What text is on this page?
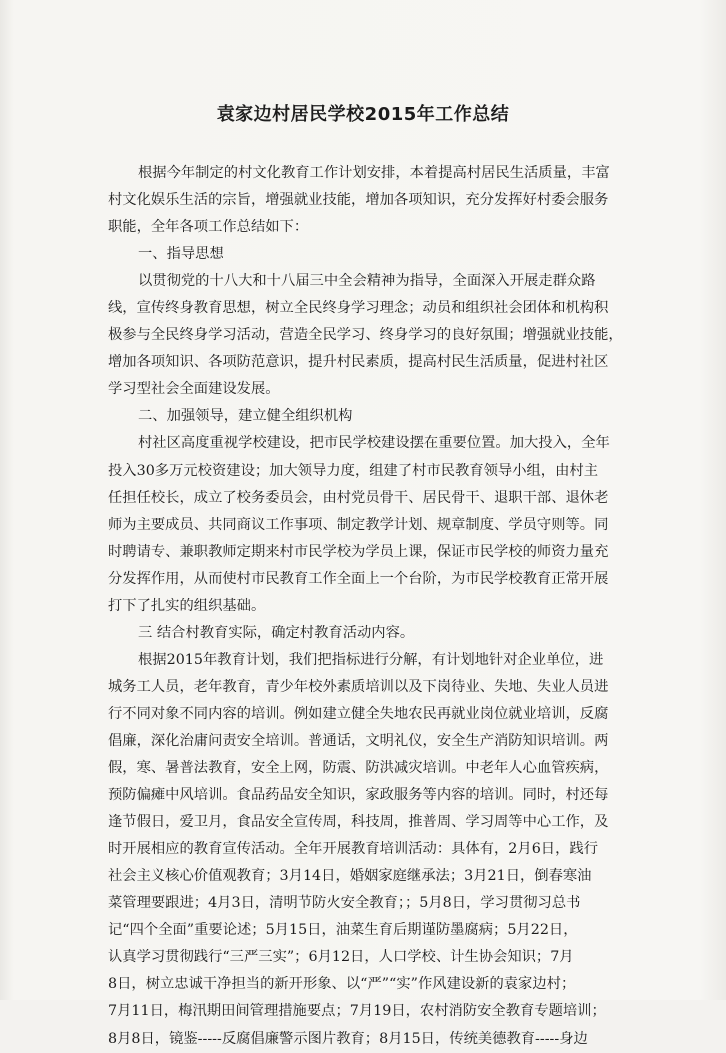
袁家边村居民学校2015年工作总结
根据今年制定的村文化教育工作计划安排，本着提高村居民生活质量，丰富
村文化娱乐生活的宗旨，增强就业技能，增加各项知识，充分发挥好村委会服务
职能，全年各项工作总结如下：
一、指导思想
以贯彻党的十八大和十八届三中全会精神为指导，全面深入开展走群众路
线，宣传终身教育思想，树立全民终身学习理念；动员和组织社会团体和机构积
极参与全民终身学习活动，营造全民学习、终身学习的良好氛围；增强就业技能，
增加各项知识、各项防范意识，提升村民素质，提高村民生活质量，促进村社区
学习型社会全面建设发展。
二、加强领导，建立健全组织机构
村社区高度重视学校建设，把市民学校建设摆在重要位置。加大投入，全年
投入30多万元校资建设；加大领导力度，组建了村市民教育领导小组，由村主
任担任校长，成立了校务委员会，由村党员骨干、居民骨干、退职干部、退休老
师为主要成员、共同商议工作事项、制定教学计划、规章制度、学员守则等。同
时聘请专、兼职教师定期来村市民学校为学员上课，保证市民学校的师资力量充
分发挥作用，从而使村市民教育工作全面上一个台阶，为市民学校教育正常开展
打下了扎实的组织基础。
三 结合村教育实际，确定村教育活动内容。
根据2015年教育计划，我们把指标进行分解，有计划地针对企业单位，进
城务工人员，老年教育，青少年校外素质培训以及下岗待业、失地、失业人员进
行不同对象不同内容的培训。例如建立健全失地农民再就业岗位就业培训，反腐
倡廉，深化治庸问责安全培训。普通话，文明礼仪，安全生产消防知识培训。两
假，寒、暑普法教育，安全上网，防震、防洪减灾培训。中老年人心血管疾病，
预防偏瘫中风培训。食品药品安全知识，家政服务等内容的培训。同时，村还每
逢节假日，爱卫月，食品安全宣传周，科技周，推普周、学习周等中心工作，及
时开展相应的教育宣传活动。全年开展教育培训活动：具体有，2月6日，践行
社会主义核心价值观教育；3月14日，婚姻家庭继承法；3月21日，倒春寒油
菜管理要跟进；4月3日，清明节防火安全教育；；5月8日，学习贯彻习总书
记“四个全面”重要论述；5月15日，油菜生育后期谨防墨腐病；5月22日，
认真学习贯彻践行“三严三实”；6月12日，人口学校、计生协会知识；7月
8日，树立忠诚干净担当的新开形象、以“严”“实”作风建设新的袁家边村；
7月11日，梅汛期田间管理措施要点；7月19日，农村消防安全教育专题培训；
8月8日，镜鉴-----反腐倡廉警示图片教育；8月15日，传统美德教育-----身边
